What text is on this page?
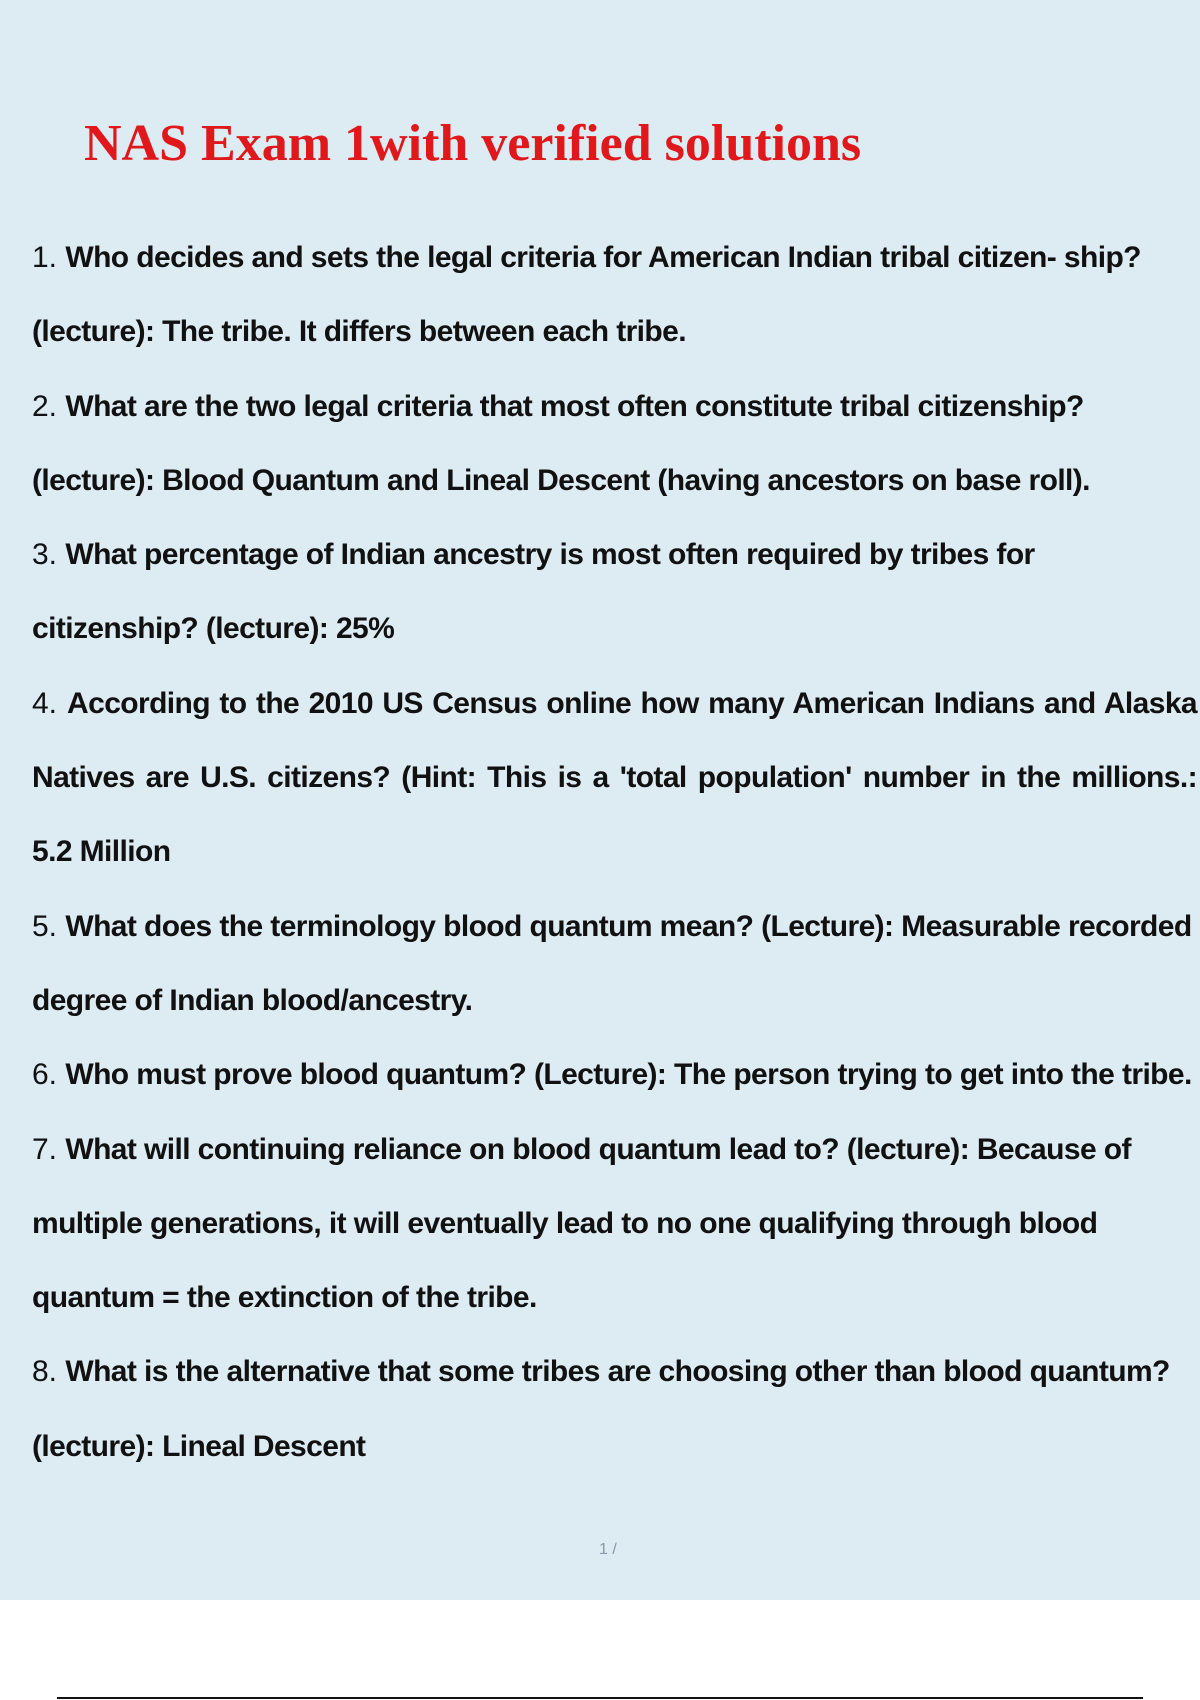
NAS Exam 1with verified solutions
1. Who decides and sets the legal criteria for American Indian tribal citizen- ship? (lecture): The tribe. It differs between each tribe.
2. What are the two legal criteria that most often constitute tribal citizenship? (lecture): Blood Quantum and Lineal Descent (having ancestors on base roll).
3. What percentage of Indian ancestry is most often required by tribes for citizenship? (lecture): 25%
4. According to the 2010 US Census online how many American Indians and Alaska Natives are U.S. citizens? (Hint: This is a 'total population' number in the millions.: 5.2 Million
5. What does the terminology blood quantum mean? (Lecture): Measurable recorded degree of Indian blood/ancestry.
6. Who must prove blood quantum? (Lecture): The person trying to get into the tribe.
7. What will continuing reliance on blood quantum lead to? (lecture): Because of multiple generations, it will eventually lead to no one qualifying through blood quantum = the extinction of the tribe.
8. What is the alternative that some tribes are choosing other than blood quantum? (lecture): Lineal Descent
1 /
